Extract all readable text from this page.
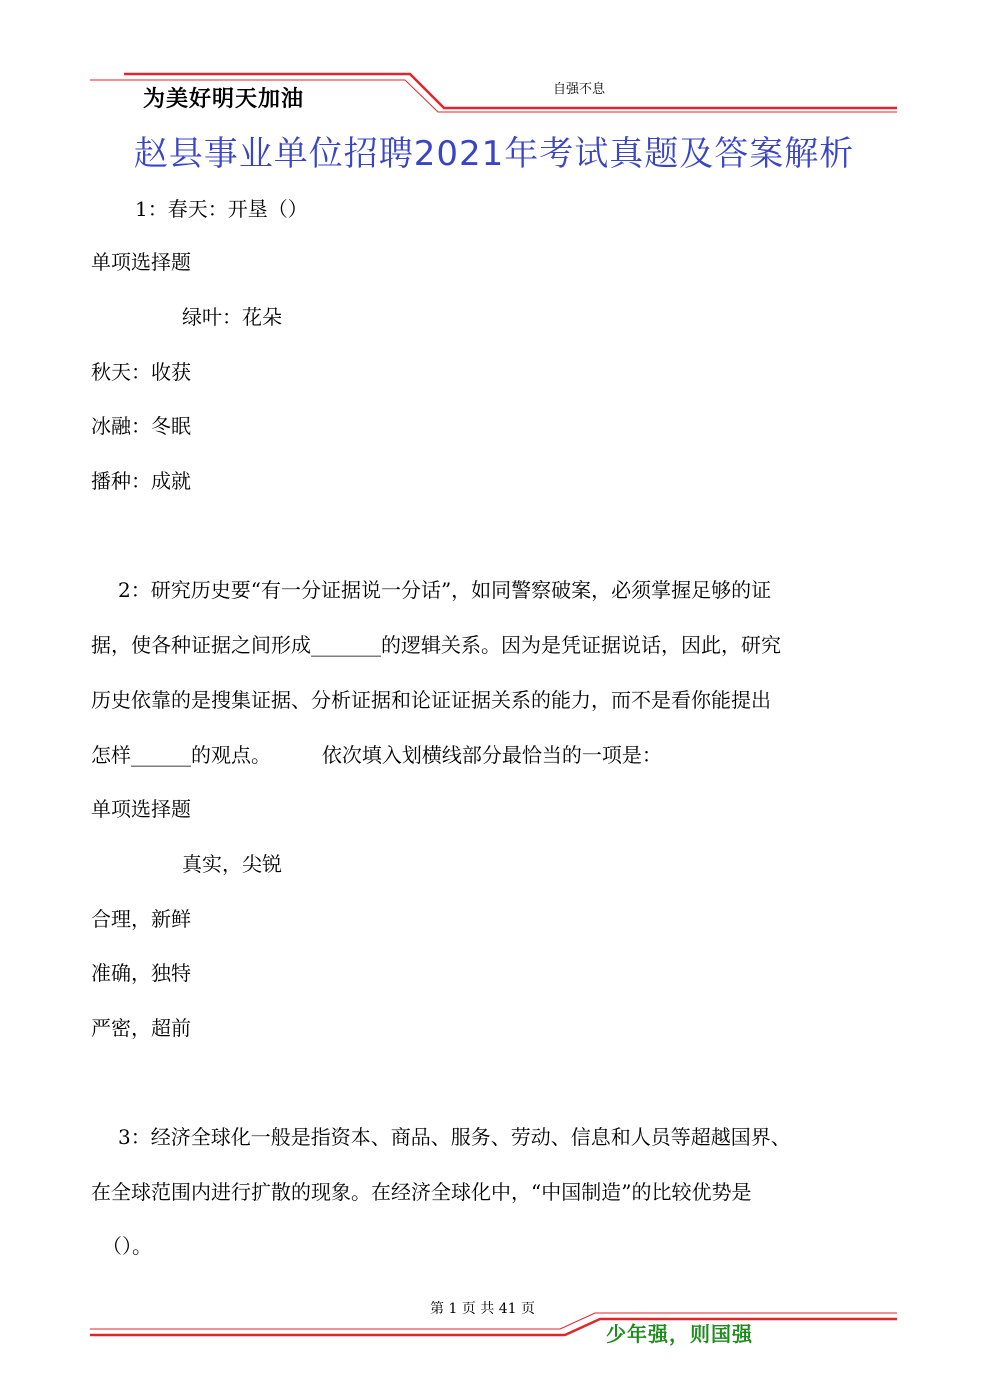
为美好明天加油	自强不息
赵县事业单位招聘2021年考试真题及答案解析
1：春天：开垦（）
单项选择题
绿叶：花朵
秋天：收获
冰融：冬眠
播种：成就
2：研究历史要“有一分证据说一分话”，如同警察破案，必须掌握足够的证
据，使各种证据之间形成_______的逻辑关系。因为是凭证据说话，因此，研究
历史依靠的是搜集证据、分析证据和论证证据关系的能力，而不是看你能提出
怎样______的观点。        依次填入划横线部分最恰当的一项是：
单项选择题
真实，尖锐
合理，新鲜
准确，独特
严密，超前
3：经济全球化一般是指资本、商品、服务、劳动、信息和人员等超越国界、
在全球范围内进行扩散的现象。在经济全球化中，“中国制造”的比较优势是
（）。
第 1 页 共 41 页
少年强，则国强
